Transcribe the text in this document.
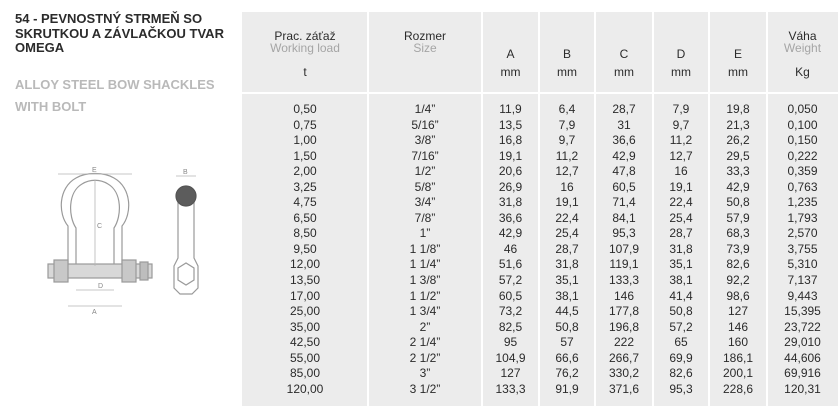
54 - PEVNOSTNÝ STRMEŇ SO SKRUTKOU A ZÁVLAČKOU TVAR OMEGA
ALLOY STEEL BOW SHACKLES WITH BOLT
E
C
D
A
B
Prac. záťaž
Working load
t
Rozmer
Size	A
mm
B
mm
C
mm
D
mm
E
mm
Váha
Weight
Kg
0,50
0,75
1,00
1,50
2,00
3,25
4,75
6,50
8,50
9,50
12,00
13,50
17,00
25,00
35,00
42,50
55,00
85,00
120,00
1/4”
5/16”
3/8”
7/16”
1/2”
5/8”
3/4”
7/8”
1”
1 1/8”
1 1/4”
1 3/8”
1 1/2”
1 3/4”
2”
2 1/4”
2 1/2”
3”
3 1/2”
11,9
13,5
16,8
19,1
20,6
26,9
31,8
36,6
42,9
46
51,6
57,2
60,5
73,2
82,5
95
104,9
127
133,3
6,4
7,9
9,7
11,2
12,7
16
19,1
22,4
25,4
28,7
31,8
35,1
38,1
44,5
50,8
57
66,6
76,2
91,9
28,7
31
36,6
42,9
47,8
60,5
71,4
84,1
95,3
107,9
119,1
133,3
146
177,8
196,8
222
266,7
330,2
371,6
7,9
9,7
11,2
12,7
16
19,1
22,4
25,4
28,7
31,8
35,1
38,1
41,4
50,8
57,2
65
69,9
82,6
95,3
19,8
21,3
26,2
29,5
33,3
42,9
50,8
57,9
68,3
73,9
82,6
92,2
98,6
127
146
160
186,1
200,1
228,6
0,050
0,100
0,150
0,222
0,359
0,763
1,235
1,793
2,570
3,755
5,310
7,137
9,443
15,395
23,722
29,010
44,606
69,916
120,31
